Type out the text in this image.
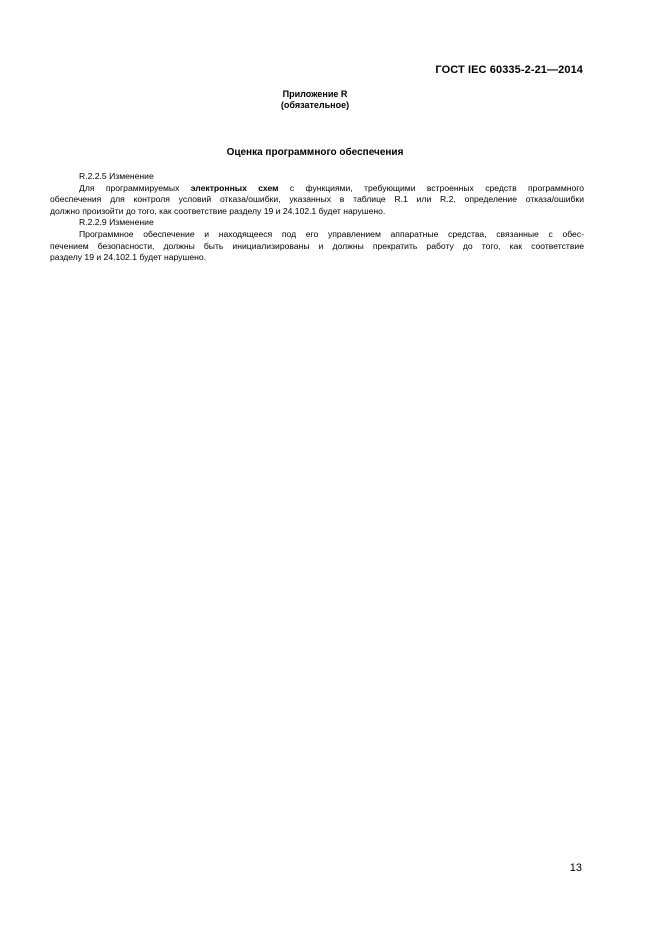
ГОСТ IEC 60335-2-21—2014
Приложение R
(обязательное)
Оценка программного обеспечения
R.2.2.5 Изменение
Для программируемых электронных схем с функциями, требующими встроенных средств программного
обеспечения для контроля условий отказа/ошибки, указанных в таблице R.1 или R.2, определение отказа/ошибки
должно произойти до того, как соответствие разделу 19 и 24.102.1 будет нарушено.
R.2.2.9 Изменение
Программное обеспечение и находящееся под его управлением аппаратные средства, связанные с обес-
печением безопасности, должны быть инициализированы и должны прекратить работу до того, как соответствие
разделу 19 и 24.102.1 будет нарушено.
13
